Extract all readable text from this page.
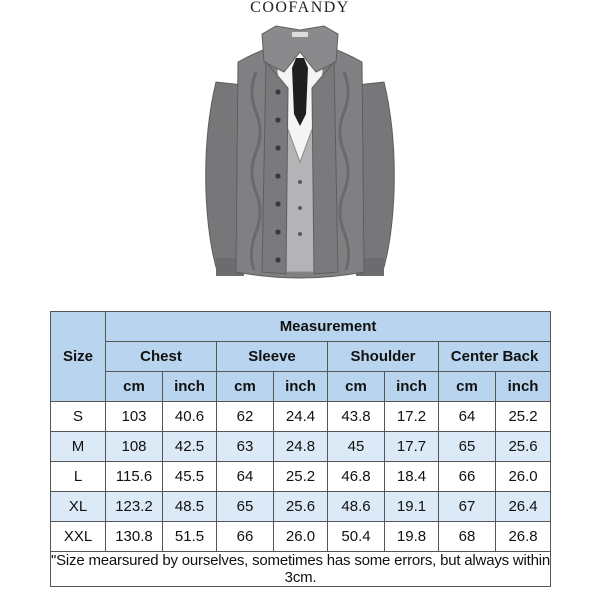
COOFANDY
Size	Measurement							
	Chest		Sleeve		Shoulder		Center Back	
	cm	inch	cm	inch	cm	inch	cm	inch
S	103	40.6	62	24.4	43.8	17.2	64	25.2
M	108	42.5	63	24.8	45	17.7	65	25.6
L	115.6	45.5	64	25.2	46.8	18.4	66	26.0
XL	123.2	48.5	65	25.6	48.6	19.1	67	26.4
XXL	130.8	51.5	66	26.0	50.4	19.8	68	26.8
"Size mearsured by ourselves, sometimes has some errors, but always within 3cm.								
